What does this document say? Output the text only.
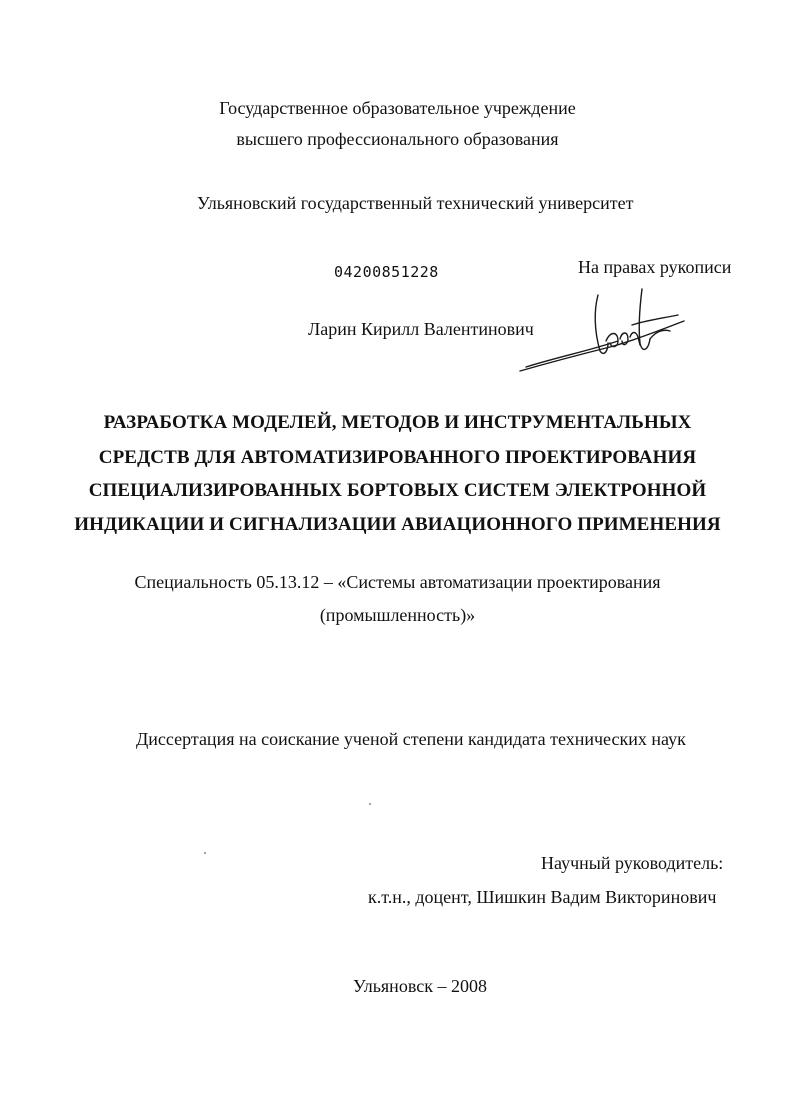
Государственное образовательное учреждение
высшего профессионального образования
Ульяновский государственный технический университет
04200851228	На правах рукописи
Ларин Кирилл Валентинович
РАЗРАБОТКА МОДЕЛЕЙ, МЕТОДОВ И ИНСТРУМЕНТАЛЬНЫХ
СРЕДСТВ ДЛЯ АВТОМАТИЗИРОВАННОГО ПРОЕКТИРОВАНИЯ
СПЕЦИАЛИЗИРОВАННЫХ БОРТОВЫХ СИСТЕМ ЭЛЕКТРОННОЙ
ИНДИКАЦИИ И СИГНАЛИЗАЦИИ АВИАЦИОННОГО ПРИМЕНЕНИЯ
Специальность 05.13.12 – «Системы автоматизации проектирования
(промышленность)»
Диссертация на соискание ученой степени кандидата технических наук
Научный руководитель:
к.т.н., доцент, Шишкин Вадим Викторинович
Ульяновск – 2008
